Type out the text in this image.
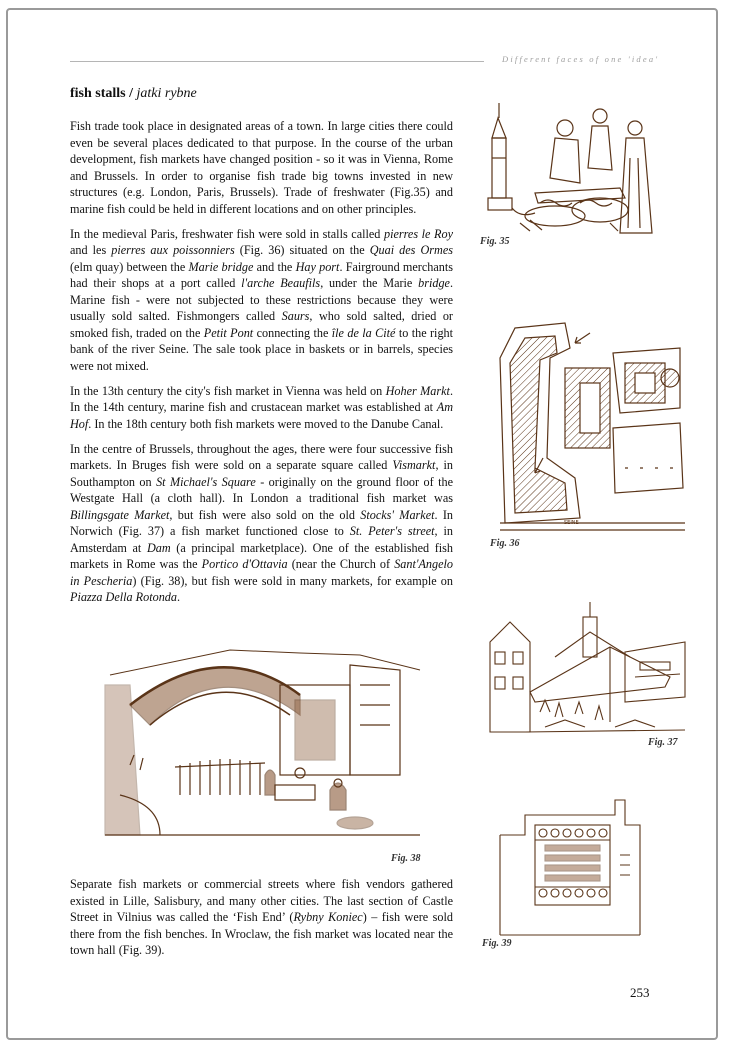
Different faces of one 'idea'
fish stalls / jatki rybne

Fish trade took place in designated areas of a town. In large cities there could even be several places dedicated to that purpose. In the course of the urban development, fish markets have changed position - so it was in Vienna, Rome and Brussels. In order to organise fish trade big towns invested in new structures (e.g. London, Paris, Brussels). Trade of freshwater (Fig.35) and marine fish could be held in different locations and on other principles.

In the medieval Paris, freshwater fish were sold in stalls called pierres le Roy and les pierres aux poissonniers (Fig. 36) situated on the Quai des Ormes (elm quay) between the Marie bridge and the Hay port. Fairground merchants had their shops at a port called l'arche Beaufils, under the Marie bridge. Marine fish - were not subjected to these restrictions because they were usually sold salted. Fishmongers called Saurs, who sold salted, dried or smoked fish, traded on the Petit Pont connecting the île de la Cité to the right bank of the river Seine. The sale took place in baskets or in barrels, species were not mixed.

In the 13th century the city's fish market in Vienna was held on Hoher Markt. In the 14th century, marine fish and crustacean market was established at Am Hof. In the 18th century both fish markets were moved to the Danube Canal.

In the centre of Brussels, throughout the ages, there were four successive fish markets. In Bruges fish were sold on a separate square called Vismarkt, in Southampton on St Michael's Square - originally on the ground floor of the Westgate Hall (a cloth hall). In London a traditional fish market was Billingsgate Market, but fish were also sold on the old Stocks' Market. In Norwich (Fig. 37) a fish market functioned close to St. Peter's street, in Amsterdam at Dam (a principal marketplace). One of the established fish markets in Rome was the Portico d'Ottavia (near the Church of Sant'Angelo in Pescheria) (Fig. 38), but fish were sold in many markets, for example on Piazza Della Rotonda.

Separate fish markets or commercial streets where fish vendors gathered existed in Lille, Salisbury, and many other cities. The last section of Castle Street in Vilnius was called the ‘Fish End’ (Rybny Koniec) – fish were sold there from the fish benches. In Wroclaw, the fish market was located near the town hall (Fig. 39).

Fig. 35
SEINE
Fig. 36
Fig. 37
Fig. 38
Fig. 39
253
